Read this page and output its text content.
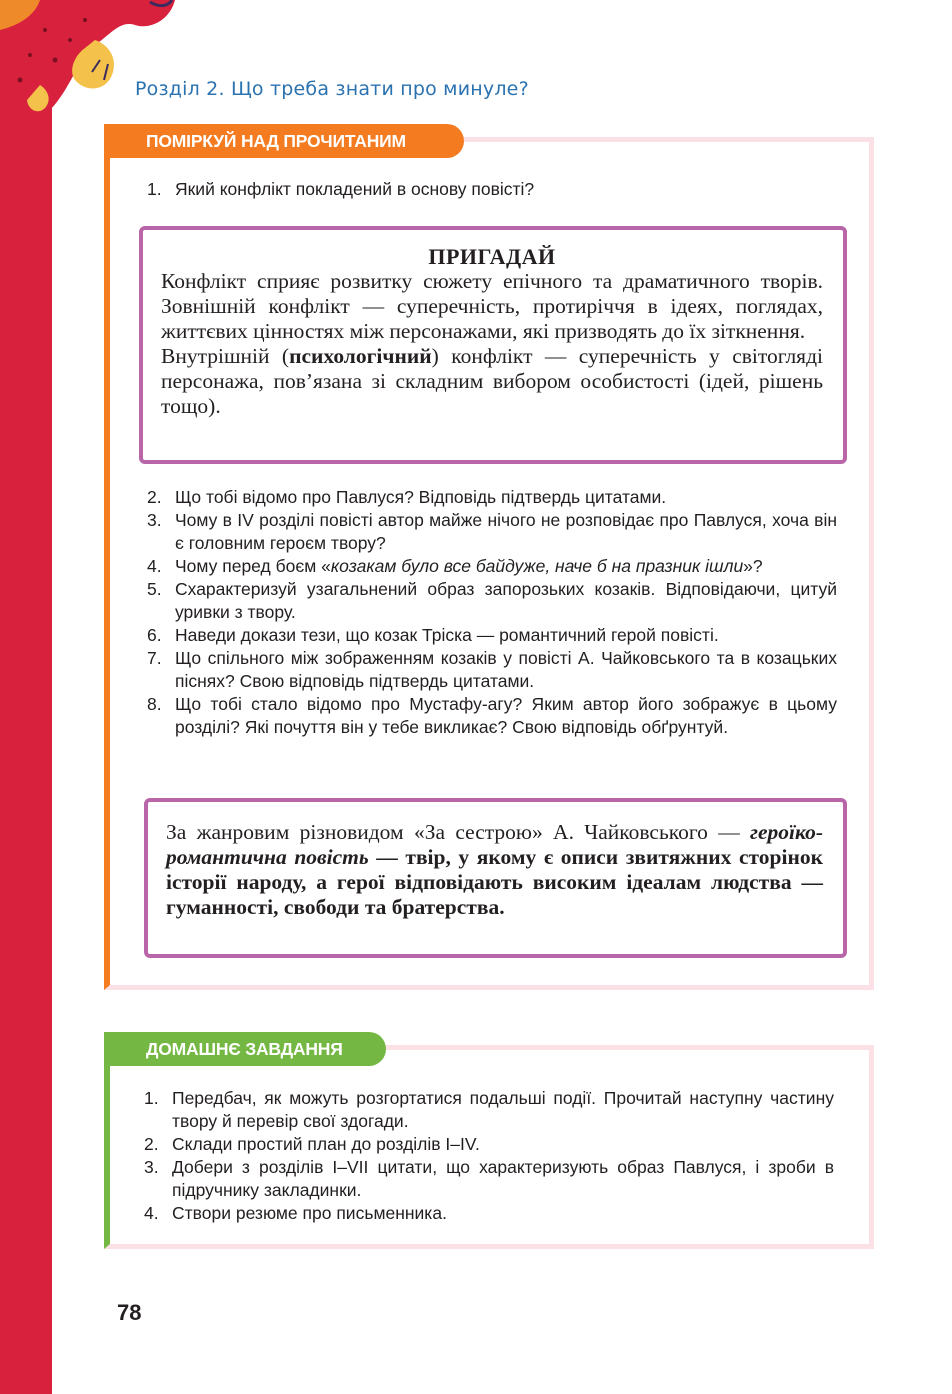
Розділ 2. Що треба знати про минуле?
ПОМІРКУЙ НАД ПРОЧИТАНИМ
1. Який конфлікт покладений в основу повісті?
ПРИГАДАЙ

Конфлікт сприяє розвитку сюжету епічного та драматичного творів. Зовнішній конфлікт — суперечність, протиріччя в ідеях, поглядах, життєвих цінностях між персонажами, які призводять до їх зіткнення.

Внутрішній (психологічний) конфлікт — суперечність у світогляді персонажа, пов’язана зі складним вибором особистості (ідей, рішень тощо).

2. Що тобі відомо про Павлуся? Відповідь підтвердь цитатами.
3. Чому в IV розділі повісті автор майже нічого не розповідає про Павлуся, хоча він є головним героєм твору?
4. Чому перед боєм «козакам було все байдуже, наче б на празник ішли»?
5. Схарактеризуй узагальнений образ запорозьких козаків. Відповідаючи, цитуй уривки з твору.
6. Наведи докази тези, що козак Тріска — романтичний герой повісті.
7. Що спільного між зображенням козаків у повісті А. Чайковського та в козацьких піснях? Свою відповідь підтвердь цитатами.
8. Що тобі стало відомо про Мустафу-агу? Яким автор його зображує в цьому розділі? Які почуття він у тебе викликає? Свою відповідь обґрунтуй.

За жанровим різновидом «За сестрою» А. Чайковського — героїко-романтична повість — твір, у якому є описи звитяжних сторінок історії народу, а герої відповідають високим ідеалам людства — гуманності, свободи та братерства.

ДОМАШНЄ ЗАВДАННЯ
1. Передбач, як можуть розгортатися подальші події. Прочитай наступну частину твору й перевір свої здогади.
2. Склади простий план до розділів I–IV.
3. Добери з розділів I–VII цитати, що характеризують образ Павлуся, і зроби в підручнику закладинки.
4. Створи резюме про письменника.
78
